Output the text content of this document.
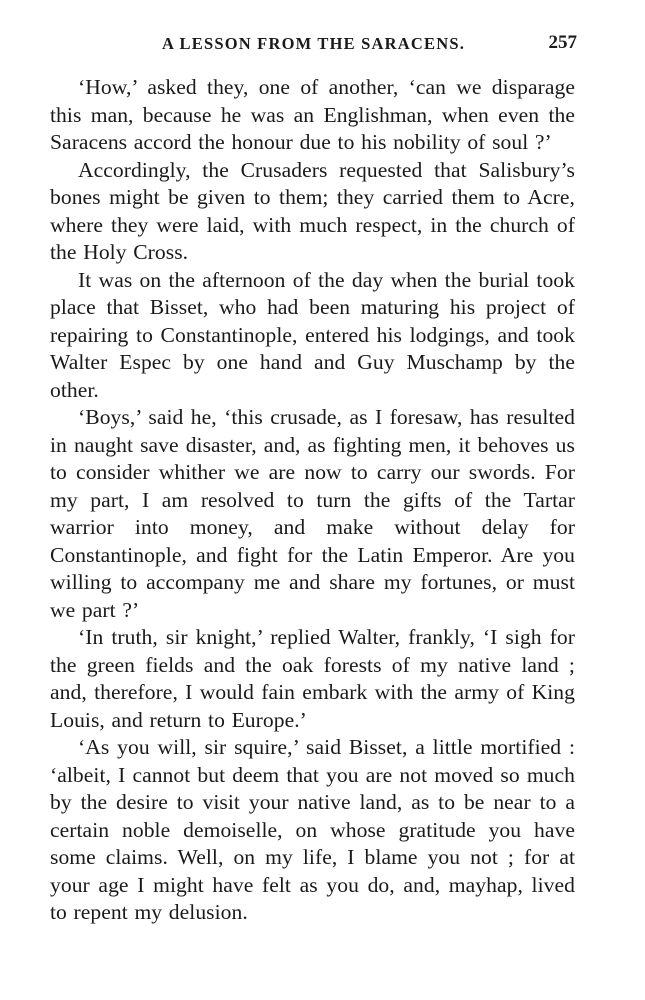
A LESSON FROM THE SARACENS.	257

‘How,’ asked they, one of another, ‘can we disparage this man, because he was an Englishman, when even the Saracens accord the honour due to his nobility of soul ?’

Accordingly, the Crusaders requested that Salisbury’s bones might be given to them; they carried them to Acre, where they were laid, with much respect, in the church of the Holy Cross.

It was on the afternoon of the day when the burial took place that Bisset, who had been maturing his project of repairing to Constantinople, entered his lodgings, and took Walter Espec by one hand and Guy Muschamp by the other.

‘Boys,’ said he, ‘this crusade, as I foresaw, has resulted in naught save disaster, and, as fighting men, it behoves us to consider whither we are now to carry our swords. For my part, I am resolved to turn the gifts of the Tartar warrior into money, and make without delay for Constantinople, and fight for the Latin Emperor. Are you willing to accompany me and share my fortunes, or must we part ?’

‘In truth, sir knight,’ replied Walter, frankly, ‘I sigh for the green fields and the oak forests of my native land ; and, therefore, I would fain embark with the army of King Louis, and return to Europe.’

‘As you will, sir squire,’ said Bisset, a little mortified : ‘albeit, I cannot but deem that you are not moved so much by the desire to visit your native land, as to be near to a certain noble demoiselle, on whose gratitude you have some claims. Well, on my life, I blame you not ; for at your age I might have felt as you do, and, mayhap, lived to repent my delusion.
